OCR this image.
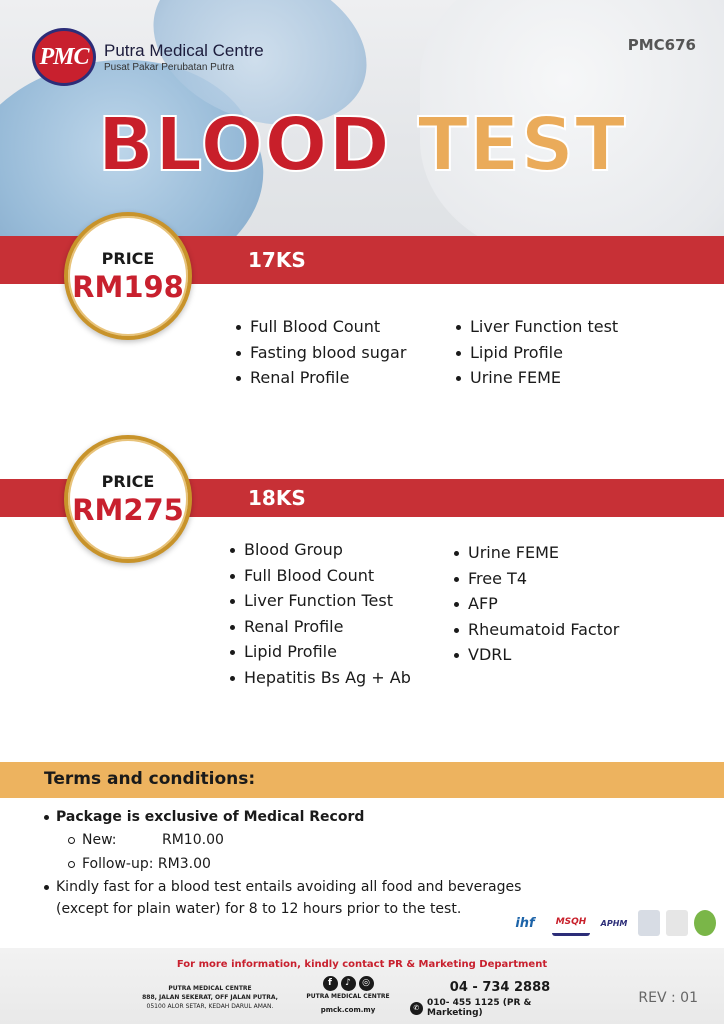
PMC Putra Medical Centre
Pusat Pakar Perubatan Putra
PMC676
BLOOD TEST
17KS
PRICE
RM198
Full Blood Count
Fasting blood sugar
Renal Profile
Liver Function test
Lipid Profile
Urine FEME
18KS
PRICE
RM275
Blood Group
Full Blood Count
Liver Function Test
Renal Profile
Lipid Profile
Hepatitis Bs Ag + Ab
Urine FEME
Free T4
AFP
Rheumatoid Factor
VDRL
Terms and conditions:
Package is exclusive of Medical Record
New:	RM10.00
Follow-up: RM3.00
Kindly fast for a blood test entails avoiding all food and beverages
(except for plain water) for 8 to 12 hours prior to the test.
ihf	MSQH	APHM
For more information, kindly contact PR & Marketing Department
PUTRA MEDICAL CENTRE
888, JALAN SEKERAT, OFF JALAN PUTRA,
05100 ALOR SETAR, KEDAH DARUL AMAN.
f	♪	◎
PUTRA MEDICAL CENTRE
pmck.com.my
04 - 734 2888
✆ 010- 455 1125 (PR & Marketing)
REV : 01
